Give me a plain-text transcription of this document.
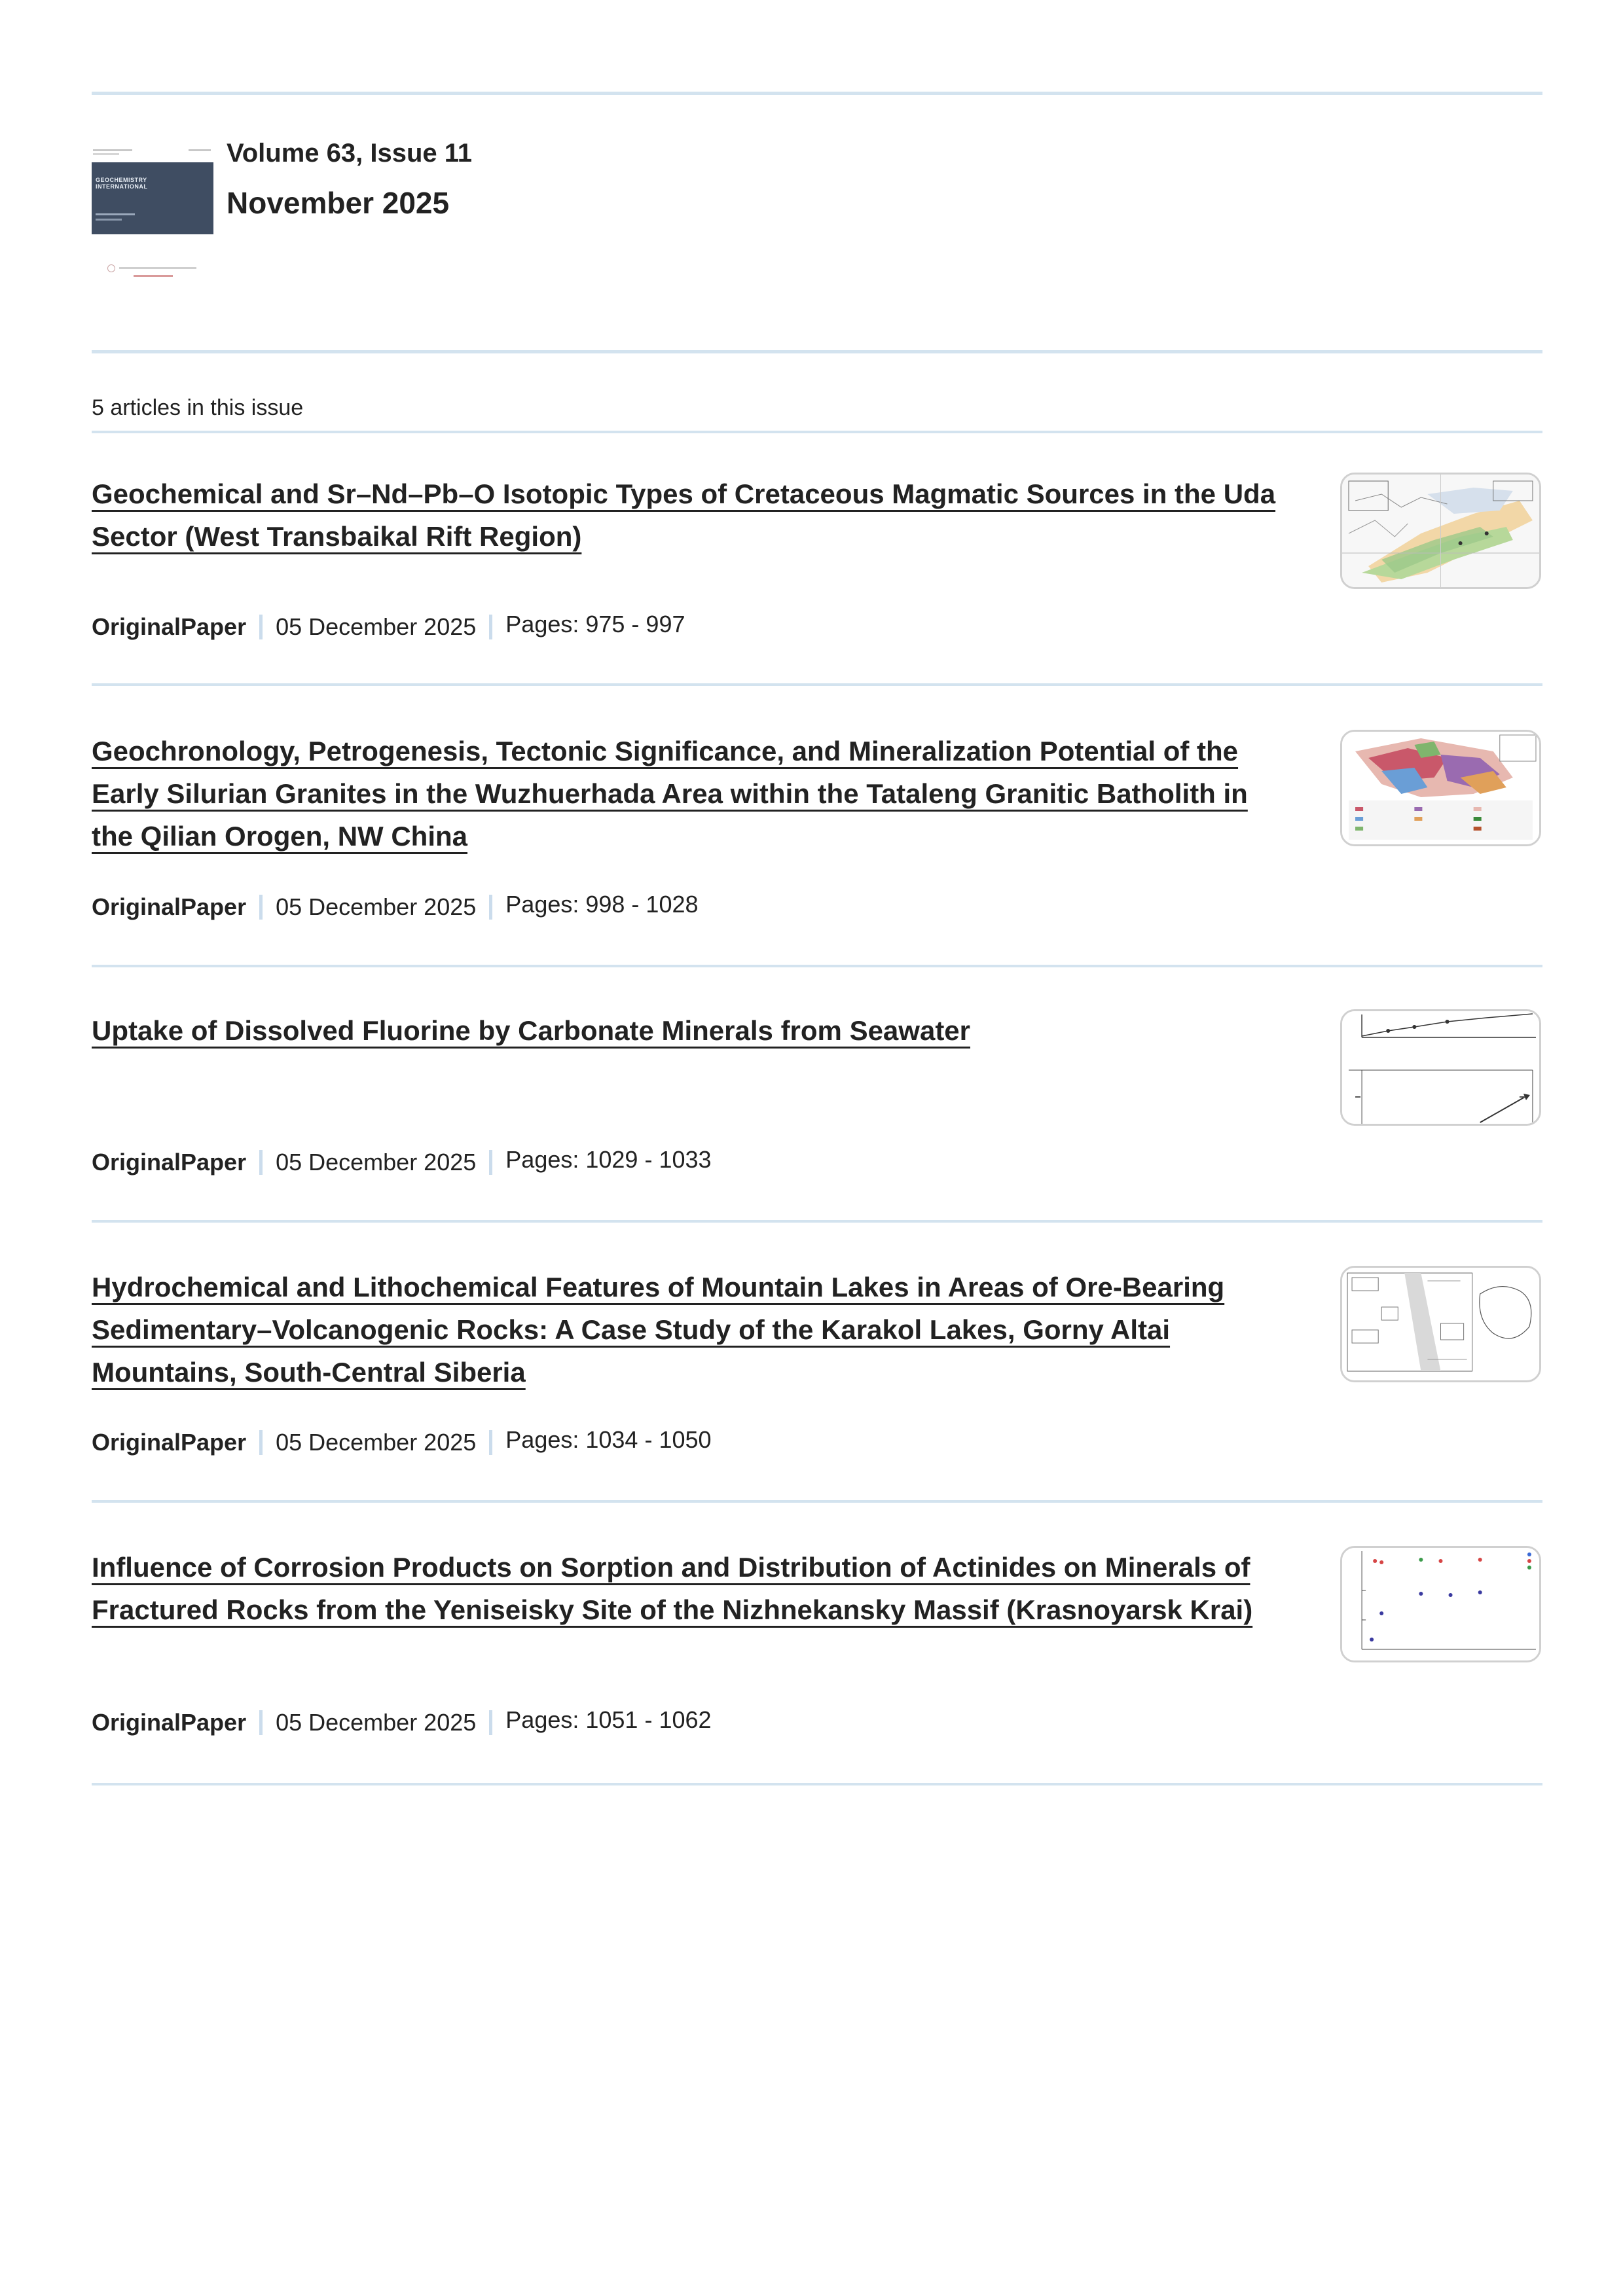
GEOCHEMISTRY INTERNATIONAL
Volume 63, Issue 11
November 2025
5 articles in this issue
Geochemical and Sr–Nd–Pb–O Isotopic Types of Cretaceous Magmatic Sources in the Uda Sector (West Transbaikal Rift Region)
OriginalPaper 05 December 2025 Pages: 975 - 997
Geochronology, Petrogenesis, Tectonic Significance, and Mineralization Potential of the Early Silurian Granites in the Wuzhuerhada Area within the Tataleng Granitic Batholith in the Qilian Orogen, NW China
OriginalPaper 05 December 2025 Pages: 998 - 1028
Uptake of Dissolved Fluorine by Carbonate Minerals from Seawater
OriginalPaper 05 December 2025 Pages: 1029 - 1033
Hydrochemical and Lithochemical Features of Mountain Lakes in Areas of Ore-Bearing Sedimentary–Volcanogenic Rocks: A Case Study of the Karakol Lakes, Gorny Altai Mountains, South-Central Siberia
OriginalPaper 05 December 2025 Pages: 1034 - 1050
Influence of Corrosion Products on Sorption and Distribution of Actinides on Minerals of Fractured Rocks from the Yeniseisky Site of the Nizhnekansky Massif (Krasnoyarsk Krai)
OriginalPaper 05 December 2025 Pages: 1051 - 1062
